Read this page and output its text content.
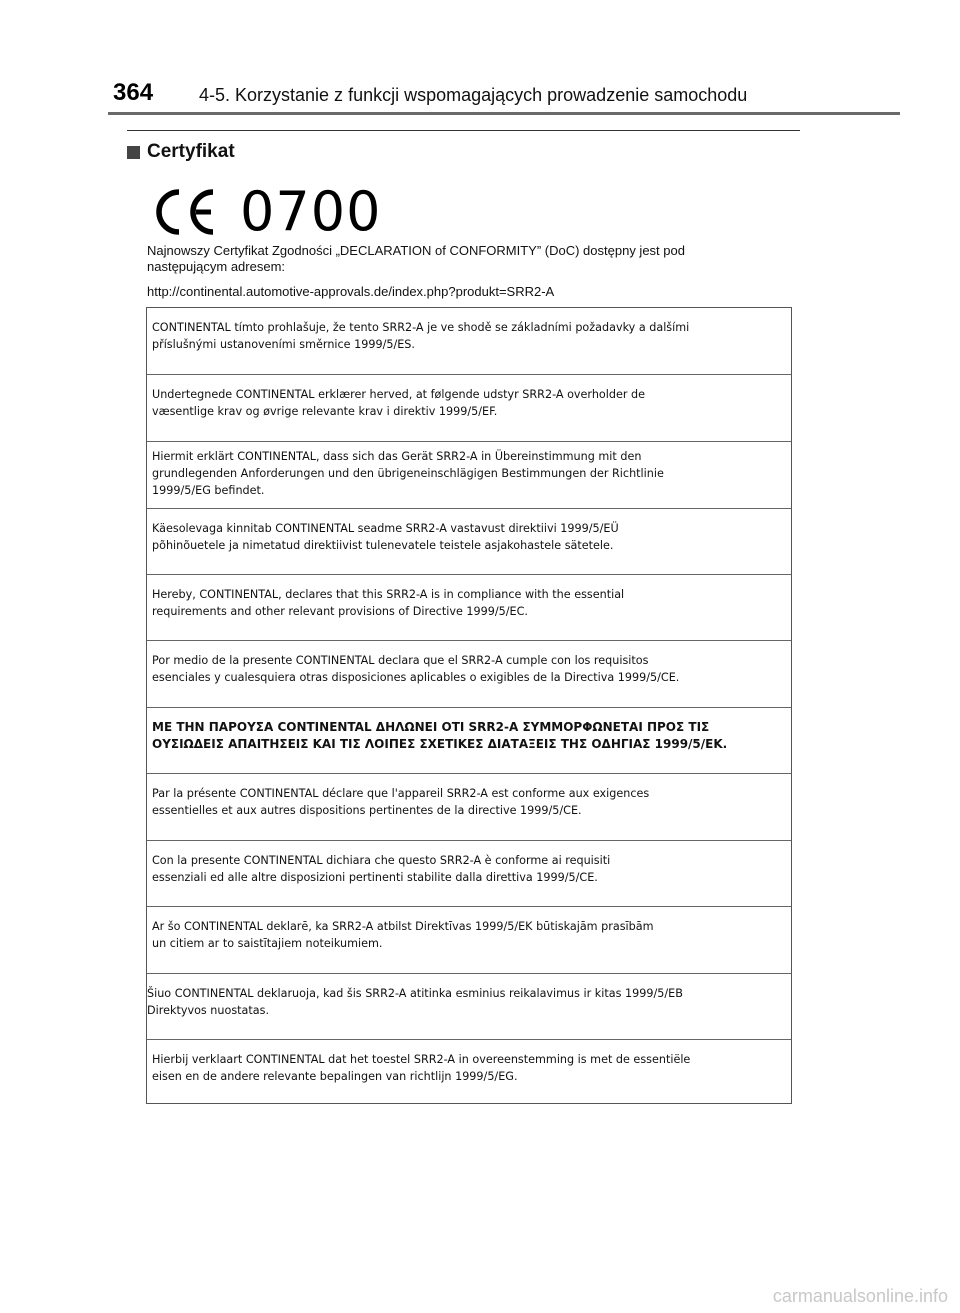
364	4-5. Korzystanie z funkcji wspomagających prowadzenie samochodu
Certyfikat
0700

Najnowszy Certyfikat Zgodności „DECLARATION of CONFORMITY” (DoC) dostępny jest pod

następującym adresem:

http://continental.automotive-approvals.de/index.php?produkt=SRR2-A
CONTINENTAL tímto prohlašuje, že tento SRR2-A je ve shodě se základními požadavky a dalšími
příslušnými ustanoveními směrnice 1999/5/ES.
Undertegnede CONTINENTAL erklærer herved, at følgende udstyr SRR2-A overholder de
væsentlige krav og øvrige relevante krav i direktiv 1999/5/EF.
Hiermit erklärt CONTINENTAL, dass sich das Gerät SRR2-A in Übereinstimmung mit den
grundlegenden Anforderungen und den übrigeneinschlägigen Bestimmungen der Richtlinie
1999/5/EG befindet.
Käesolevaga kinnitab CONTINENTAL seadme SRR2-A vastavust direktiivi 1999/5/EÜ
põhinõuetele ja nimetatud direktiivist tulenevatele teistele asjakohastele sätetele.
Hereby, CONTINENTAL, declares that this SRR2-A is in compliance with the essential
requirements and other relevant provisions of Directive 1999/5/EC.
Por medio de la presente CONTINENTAL declara que el SRR2-A cumple con los requisitos
esenciales y cualesquiera otras disposiciones aplicables o exigibles de la Directiva 1999/5/CE.
ΜΕ ΤΗΝ ΠΑΡΟΥΣΑ CONTINENTAL ΔΗΛΩΝΕΙ ΟΤΙ SRR2-A ΣΥΜΜΟΡΦΩΝΕΤΑΙ ΠΡΟΣ ΤΙΣ
ΟΥΣΙΩΔΕΙΣ ΑΠΑΙΤΗΣΕΙΣ ΚΑΙ ΤΙΣ ΛΟΙΠΕΣ ΣΧΕΤΙΚΕΣ ΔΙΑΤΑΞΕΙΣ ΤΗΣ ΟΔΗΓΙΑΣ 1999/5/ΕΚ.
Par la présente CONTINENTAL déclare que l'appareil SRR2-A est conforme aux exigences
essentielles et aux autres dispositions pertinentes de la directive 1999/5/CE.
Con la presente CONTINENTAL dichiara che questo SRR2-A è conforme ai requisiti
essenziali ed alle altre disposizioni pertinenti stabilite dalla direttiva 1999/5/CE.
Ar šo CONTINENTAL deklarē, ka SRR2-A atbilst Direktīvas 1999/5/EK būtiskajām prasībām
un citiem ar to saistītajiem noteikumiem.
Šiuo CONTINENTAL deklaruoja, kad šis SRR2-A atitinka esminius reikalavimus ir kitas 1999/5/EB
Direktyvos nuostatas.
Hierbij verklaart CONTINENTAL dat het toestel SRR2-A in overeenstemming is met de essentiële
eisen en de andere relevante bepalingen van richtlijn 1999/5/EG.
carmanualsonline.info
